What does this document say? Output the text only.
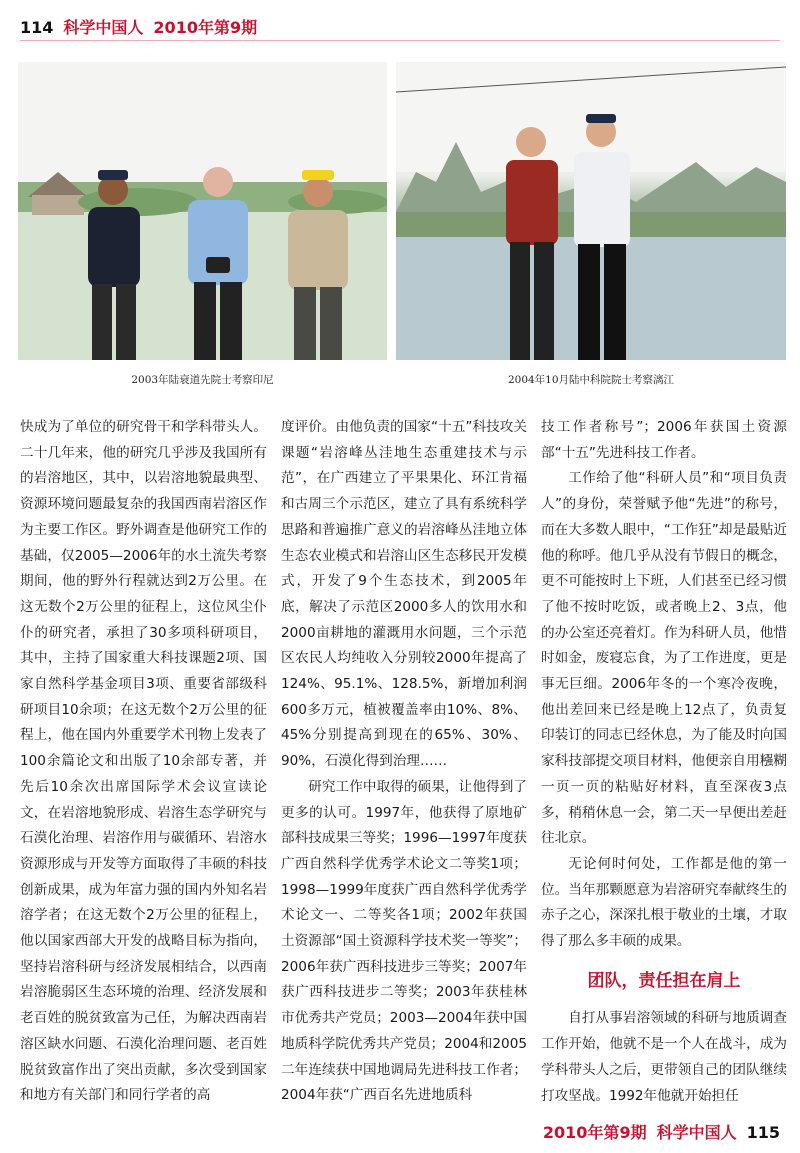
114 科学中国人 2010年第9期
2003年陆衰道先院士考察印尼	2004年10月陆中科院院士考察漓江

快成为了单位的研究骨干和学科带头人。二十几年来，他的研究几乎涉及我国所有的岩溶地区，其中，以岩溶地貌最典型、资源环境问题最复杂的我国西南岩溶区作为主要工作区。野外调查是他研究工作的基础，仅2005—2006年的水土流失考察期间，他的野外行程就达到2万公里。在这无数个2万公里的征程上，这位风尘仆仆的研究者，承担了30多项科研项目，其中，主持了国家重大科技课题2项、国家自然科学基金项目3项、重要省部级科研项目10余项；在这无数个2万公里的征程上，他在国内外重要学术刊物上发表了100余篇论文和出版了10余部专著，并先后10余次出席国际学术会议宣读论文，在岩溶地貌形成、岩溶生态学研究与石漠化治理、岩溶作用与碳循环、岩溶水资源形成与开发等方面取得了丰硕的科技创新成果，成为年富力强的国内外知名岩溶学者；在这无数个2万公里的征程上，他以国家西部大开发的战略目标为指向，坚持岩溶科研与经济发展相结合，以西南岩溶脆弱区生态环境的治理、经济发展和老百姓的脱贫致富为己任，为解决西南岩溶区缺水问题、石漠化治理问题、老百姓脱贫致富作出了突出贡献，多次受到国家和地方有关部门和同行学者的高

度评价。由他负责的国家“十五”科技攻关课题“岩溶峰丛洼地生态重建技术与示范”，在广西建立了平果果化、环江肯福和古周三个示范区，建立了具有系统科学思路和普遍推广意义的岩溶峰丛洼地立体生态农业模式和岩溶山区生态移民开发模式，开发了9个生态技术，到2005年底，解决了示范区2000多人的饮用水和2000亩耕地的灌溉用水问题，三个示范区农民人均纯收入分别较2000年提高了124%、95.1%、128.5%，新增加利润600多万元，植被覆盖率由10%、8%、45%分别提高到现在的65%、30%、90%，石漠化得到治理……

研究工作中取得的硕果，让他得到了更多的认可。1997年，他获得了原地矿部科技成果三等奖；1996—1997年度获广西自然科学优秀学术论文二等奖1项；1998—1999年度获广西自然科学优秀学术论文一、二等奖各1项；2002年获国土资源部“国土资源科学技术奖一等奖”；2006年获广西科技进步三等奖；2007年获广西科技进步二等奖；2003年获桂林市优秀共产党员；2003—2004年获中国地质科学院优秀共产党员；2004和2005二年连续获中国地调局先进科技工作者；2004年获“广西百名先进地质科

技工作者称号”；2006年获国土资源部“十五”先进科技工作者。

工作给了他“科研人员”和“项目负责人”的身份，荣誉赋予他“先进”的称号，而在大多数人眼中，“工作狂”却是最贴近他的称呼。他几乎从没有节假日的概念，更不可能按时上下班，人们甚至已经习惯了他不按时吃饭，或者晚上2、3点，他的办公室还亮着灯。作为科研人员，他惜时如金，废寝忘食，为了工作进度，更是事无巨细。2006年冬的一个寒冷夜晚，他出差回来已经是晚上12点了，负责复印装订的同志已经休息，为了能及时向国家科技部提交项目材料，他便亲自用糨糊一页一页的粘贴好材料，直至深夜3点多，稍稍休息一会，第二天一早便出差赶往北京。

无论何时何处，工作都是他的第一位。当年那颗愿意为岩溶研究奉献终生的赤子之心，深深扎根于敬业的土壤，才取得了那么多丰硕的成果。

团队，责任担在肩上

自打从事岩溶领域的科研与地质调查工作开始，他就不是一个人在战斗，成为学科带头人之后，更带领自己的团队继续打攻坚战。1992年他就开始担任

2010年第9期 科学中国人 115
